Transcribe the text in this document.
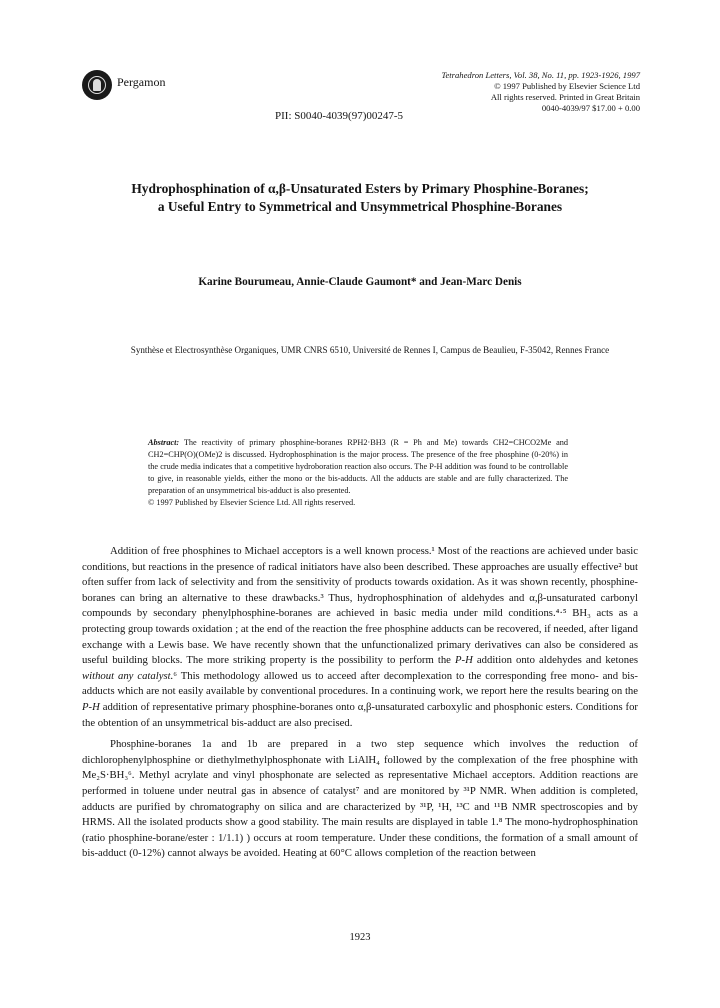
Pergamon	Tetrahedron Letters, Vol. 38, No. 11, pp. 1923-1926, 1997
© 1997 Published by Elsevier Science Ltd
All rights reserved. Printed in Great Britain
0040-4039/97 $17.00 + 0.00
PII: S0040-4039(97)00247-5
Hydrophosphination of α,β-Unsaturated Esters by Primary Phosphine-Boranes;
a Useful Entry to Symmetrical and Unsymmetrical Phosphine-Boranes
Karine Bourumeau, Annie-Claude Gaumont* and Jean-Marc Denis
Synthèse et Electrosynthèse Organiques, UMR CNRS 6510, Université de Rennes I, Campus de Beaulieu, F-35042, Rennes France
Abstract: The reactivity of primary phosphine-boranes RPH2·BH3 (R = Ph and Me) towards CH2=CHCO2Me and CH2=CHP(O)(OMe)2 is discussed. Hydrophosphination is the major process. The presence of the free phosphine (0-20%) in the crude media indicates that a competitive hydroboration reaction also occurs. The P-H addition was found to be controllable to give, in reasonable yields, either the mono or the bis-adducts. All the adducts are stable and are fully characterized. The preparation of an unsymmetrical bis-adduct is also presented.
© 1997 Published by Elsevier Science Ltd. All rights reserved.

Addition of free phosphines to Michael acceptors is a well known process.¹ Most of the reactions are achieved under basic conditions, but reactions in the presence of radical initiators have also been described. These approaches are usually effective² but often suffer from lack of selectivity and from the sensitivity of products towards oxidation. As it was shown recently, phosphine-boranes can bring an alternative to these drawbacks.³ Thus, hydrophosphination of aldehydes and α,β-unsaturated carbonyl compounds by secondary phenylphosphine-boranes are achieved in basic media under mild conditions.⁴·⁵ BH₃ acts as a protecting group towards oxidation ; at the end of the reaction the free phosphine adducts can be recovered, if needed, after ligand exchange with a Lewis base. We have recently shown that the unfunctionalized primary derivatives can also be considered as useful building blocks. The more striking property is the possibility to perform the P-H addition onto aldehydes and ketones without any catalyst.⁶ This methodology allowed us to acceed after decomplexation to the corresponding free mono- and bis-adducts which are not easily available by conventional procedures. In a continuing work, we report here the results bearing on the P-H addition of representative primary phosphine-boranes onto α,β-unsaturated carboxylic and phosphonic esters. Conditions for the obtention of an unsymmetrical bis-adduct are also precised.

Phosphine-boranes 1a and 1b are prepared in a two step sequence which involves the reduction of dichlorophenylphosphine or diethylmethylphosphonate with LiAlH₄ followed by the complexation of the free phosphine with Me₂S·BH₃⁶. Methyl acrylate and vinyl phosphonate are selected as representative Michael acceptors. Addition reactions are performed in toluene under neutral gas in absence of catalyst⁷ and are monitored by ³¹P NMR. When addition is completed, adducts are purified by chromatography on silica and are characterized by ³¹P, ¹H, ¹³C and ¹¹B NMR spectroscopies and by HRMS. All the isolated products show a good stability. The main results are displayed in table 1.⁸ The mono-hydrophosphination (ratio phosphine-borane/ester : 1/1.1) ) occurs at room temperature. Under these conditions, the formation of a small amount of bis-adduct (0-12%) cannot always be avoided. Heating at 60°C allows completion of the reaction between

1923
